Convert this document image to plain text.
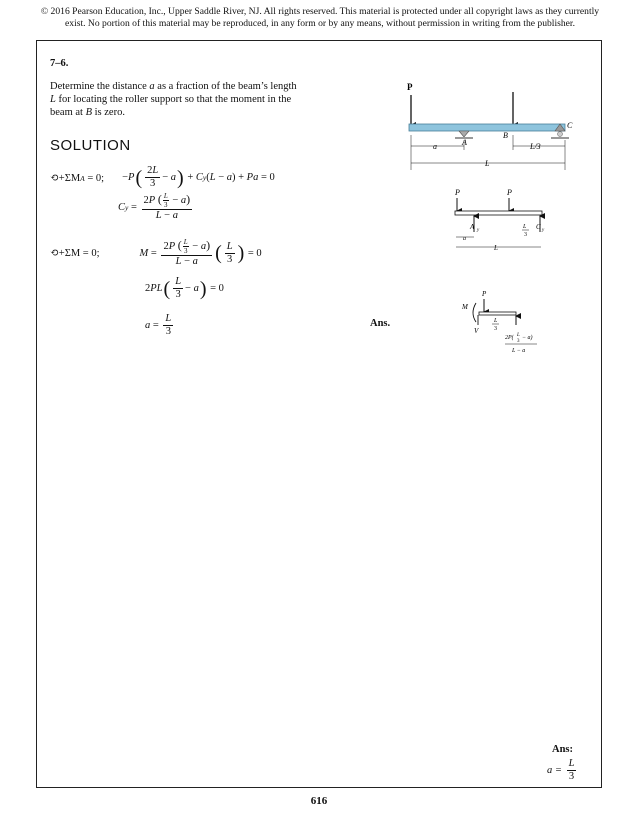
© 2016 Pearson Education, Inc., Upper Saddle River, NJ. All rights reserved. This material is protected under all copyright laws as they currently
exist. No portion of this material may be reproduced, in any form or by any means, without permission in writing from the publisher.
7–6.
Determine the distance a as a fraction of the beam’s length L for locating the roller support so that the moment in the beam at B is zero.
SOLUTION
⟲+ΣMA = 0; −P ( $\frac{2L}{3} - a$ ) + Cy(L − a) + Pa = 0
$Cy = \frac{2P ( \frac{L}{3} - a)}{L - a}$
⟲+ΣM = 0;	$M = \frac{2P ( \frac{L}{3} - a)}{L - a}$ ( $\frac{L}{3}$ ) = 0
2PL ( $\frac{L}{3} - a$ ) = 0
$a = \frac{L}{3}$	Ans.
P
A
B
C
a	L/3
L
P	P
A y	C y
L
3
a
L
P
M
V
L
3
2P( L
3
− a)
L − a
Ans:
a =
$\frac{L}{3}$
616
